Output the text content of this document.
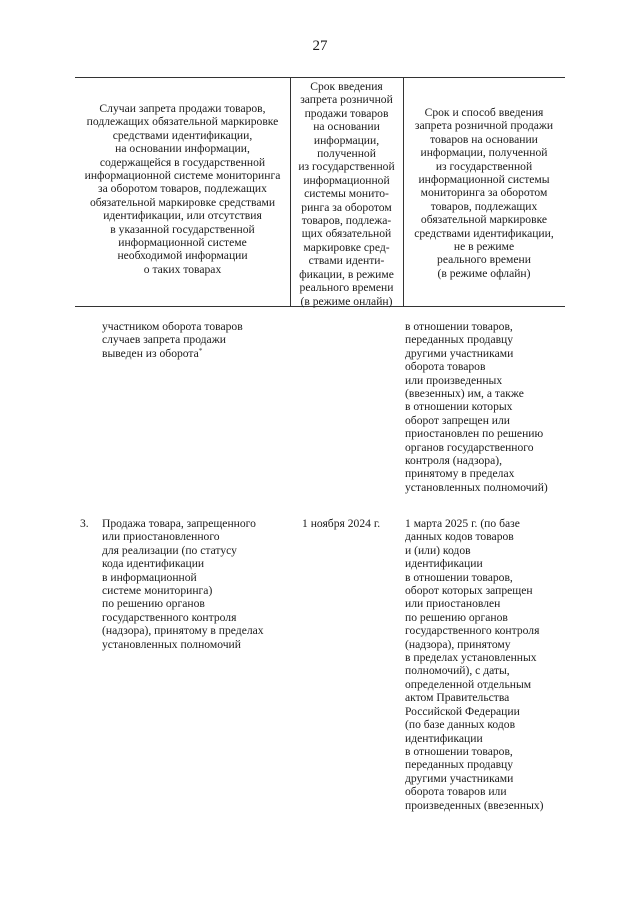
27
Случаи запрета продажи товаров,
подлежащих обязательной маркировке
средствами идентификации,
на основании информации,
содержащейся в государственной
информационной системе мониторинга
за оборотом товаров, подлежащих
обязательной маркировке средствами
идентификации, или отсутствия
в указанной государственной
информационной системе
необходимой информации
о таких товарах
Срок введения
запрета розничной
продажи товаров
на основании
информации,
полученной
из государственной
информационной
системы монито-
ринга за оборотом
товаров, подлежа-
щих обязательной
маркировке сред-
ствами иденти-
фикации, в режиме
реального времени
(в режиме онлайн)
Срок и способ введения
запрета розничной продажи
товаров на основании
информации, полученной
из государственной
информационной системы
мониторинга за оборотом
товаров, подлежащих
обязательной маркировке
средствами идентификации,
не в режиме
реального времени
(в режиме офлайн)
участником оборота товаров
случаев запрета продажи
выведен из оборота*
в отношении товаров,
переданных продавцу
другими участниками
оборота товаров
или произведенных
(ввезенных) им, а также
в отношении которых
оборот запрещен или
приостановлен по решению
органов государственного
контроля (надзора),
принятому в пределах
установленных полномочий)
3. Продажа товара, запрещенного
или приостановленного
для реализации (по статусу
кода идентификации
в информационной
системе мониторинга)
по решению органов
государственного контроля
(надзора), принятому в пределах
установленных полномочий
1 ноября 2024 г. 1 марта 2025 г. (по базе
данных кодов товаров
и (или) кодов
идентификации
в отношении товаров,
оборот которых запрещен
или приостановлен
по решению органов
государственного контроля
(надзора), принятому
в пределах установленных
полномочий), с даты,
определенной отдельным
актом Правительства
Российской Федерации
(по базе данных кодов
идентификации
в отношении товаров,
переданных продавцу
другими участниками
оборота товаров или
произведенных (ввезенных)
